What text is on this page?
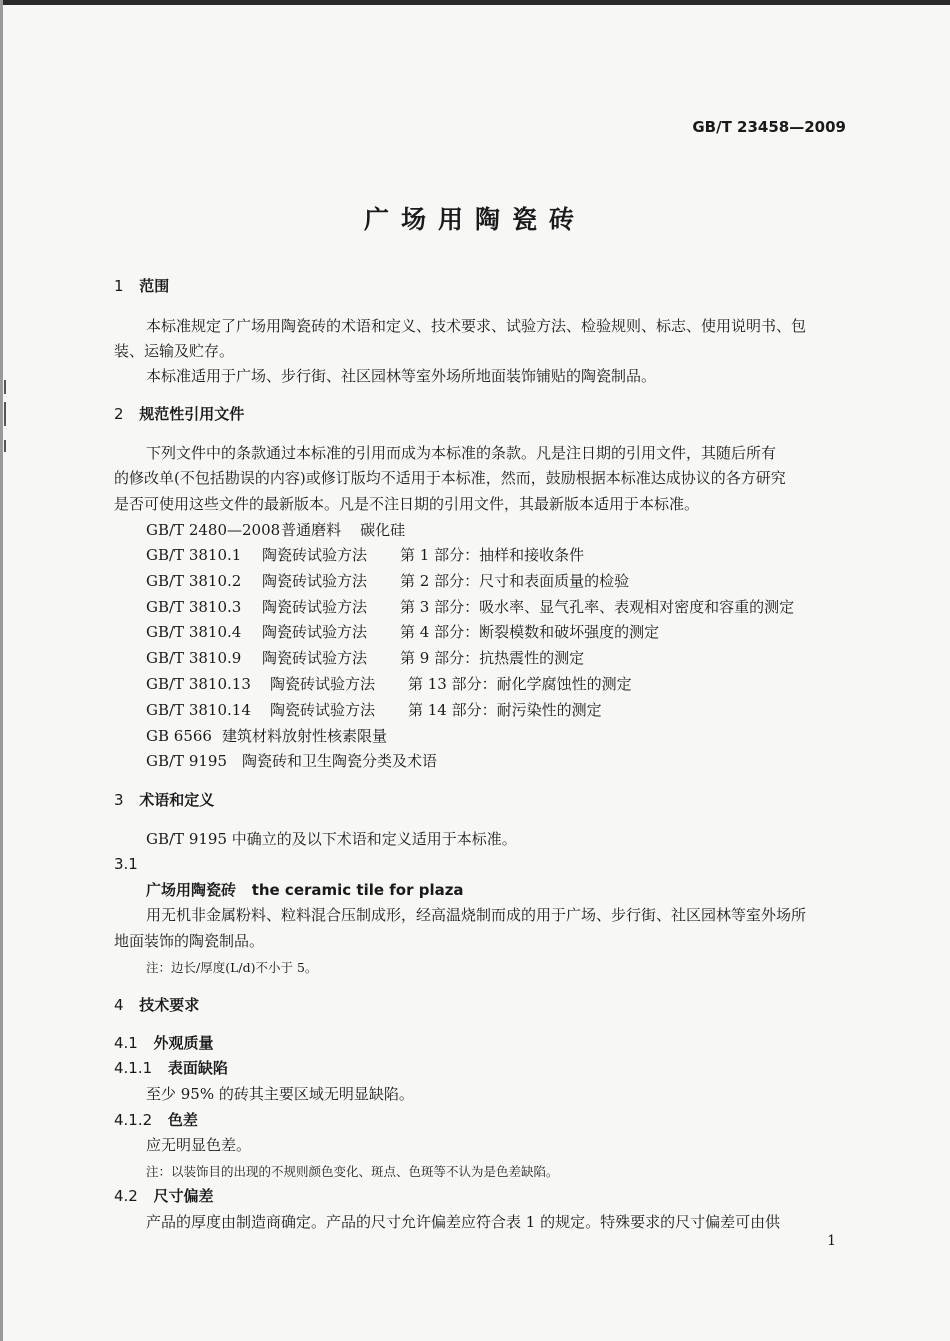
GB/T 23458—2009
广场用陶瓷砖
1 范围
本标准规定了广场用陶瓷砖的术语和定义、技术要求、试验方法、检验规则、标志、使用说明书、包
装、运输及贮存。
本标准适用于广场、步行街、社区园林等室外场所地面装饰铺贴的陶瓷制品。
2 规范性引用文件
下列文件中的条款通过本标准的引用而成为本标准的条款。凡是注日期的引用文件，其随后所有
的修改单(不包括勘误的内容)或修订版均不适用于本标准，然而，鼓励根据本标准达成协议的各方研究
是否可使用这些文件的最新版本。凡是不注日期的引用文件，其最新版本适用于本标准。
GB/T 2480—2008    普通磨料 碳化硅
GB/T 3810.1 陶瓷砖试验方法 第 1 部分：抽样和接收条件
GB/T 3810.2 陶瓷砖试验方法 第 2 部分：尺寸和表面质量的检验
GB/T 3810.3 陶瓷砖试验方法 第 3 部分：吸水率、显气孔率、表观相对密度和容重的测定
GB/T 3810.4 陶瓷砖试验方法 第 4 部分：断裂模数和破坏强度的测定
GB/T 3810.9 陶瓷砖试验方法 第 9 部分：抗热震性的测定
GB/T 3810.13 陶瓷砖试验方法 第 13 部分：耐化学腐蚀性的测定
GB/T 3810.14 陶瓷砖试验方法 第 14 部分：耐污染性的测定
GB 6566 建筑材料放射性核素限量
GB/T 9195 陶瓷砖和卫生陶瓷分类及术语
3 术语和定义
GB/T 9195 中确立的及以下术语和定义适用于本标准。
3.1
广场用陶瓷砖 the ceramic tile for plaza
用无机非金属粉料、粒料混合压制成形，经高温烧制而成的用于广场、步行街、社区园林等室外场所
地面装饰的陶瓷制品。
注：边长/厚度(L/d)不小于 5。
4 技术要求
4.1 外观质量
4.1.1 表面缺陷
至少 95% 的砖其主要区域无明显缺陷。
4.1.2 色差
应无明显色差。
注：以装饰目的出现的不规则颜色变化、斑点、色斑等不认为是色差缺陷。
4.2 尺寸偏差
产品的厚度由制造商确定。产品的尺寸允许偏差应符合表 1 的规定。特殊要求的尺寸偏差可由供
1
